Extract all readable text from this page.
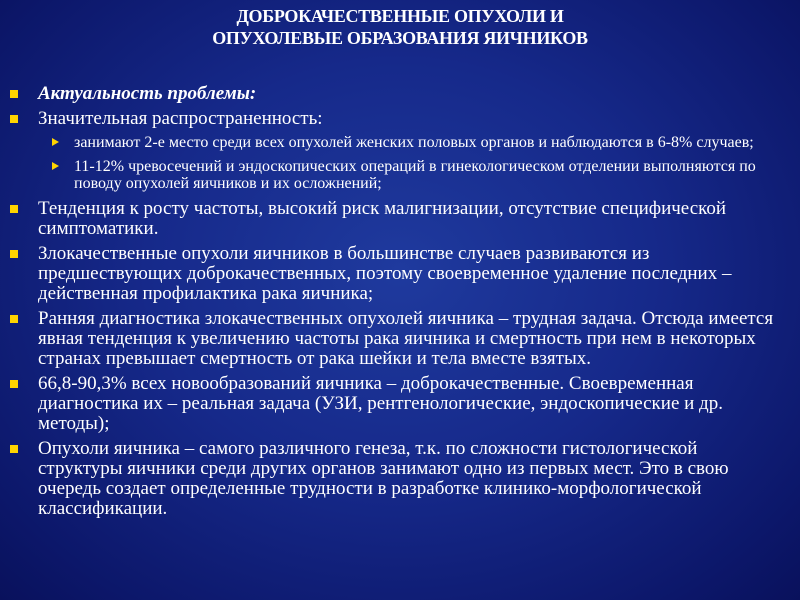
ДОБРОКАЧЕСТВЕННЫЕ ОПУХОЛИ И
ОПУХОЛЕВЫЕ ОБРАЗОВАНИЯ ЯИЧНИКОВ
Актуальность проблемы:
Значительная распространенность:
занимают 2-е место среди всех опухолей женских половых органов и наблюдаются в 6-8% случаев;
11-12% чревосечений и эндоскопических операций в гинекологическом отделении выполняются по поводу опухолей яичников и их осложнений;
Тенденция к росту частоты, высокий риск малигнизации, отсутствие специфической симптоматики.
Злокачественные опухоли яичников в большинстве случаев развиваются из предшествующих доброкачественных, поэтому своевременное удаление последних – действенная профилактика рака яичника;
Ранняя диагностика злокачественных опухолей яичника – трудная задача. Отсюда имеется явная тенденция к увеличению частоты рака яичника и смертность при нем в некоторых странах превышает смертность от рака шейки и тела вместе взятых.
66,8-90,3% всех новообразований яичника – доброкачественные. Своевременная диагностика их – реальная задача (УЗИ, рентгенологические, эндоскопические и др. методы);
Опухоли яичника – самого различного генеза, т.к. по сложности гистологической структуры яичники среди других органов занимают одно из первых мест. Это в свою очередь создает определенные трудности в разработке клинико-морфологической классификации.
